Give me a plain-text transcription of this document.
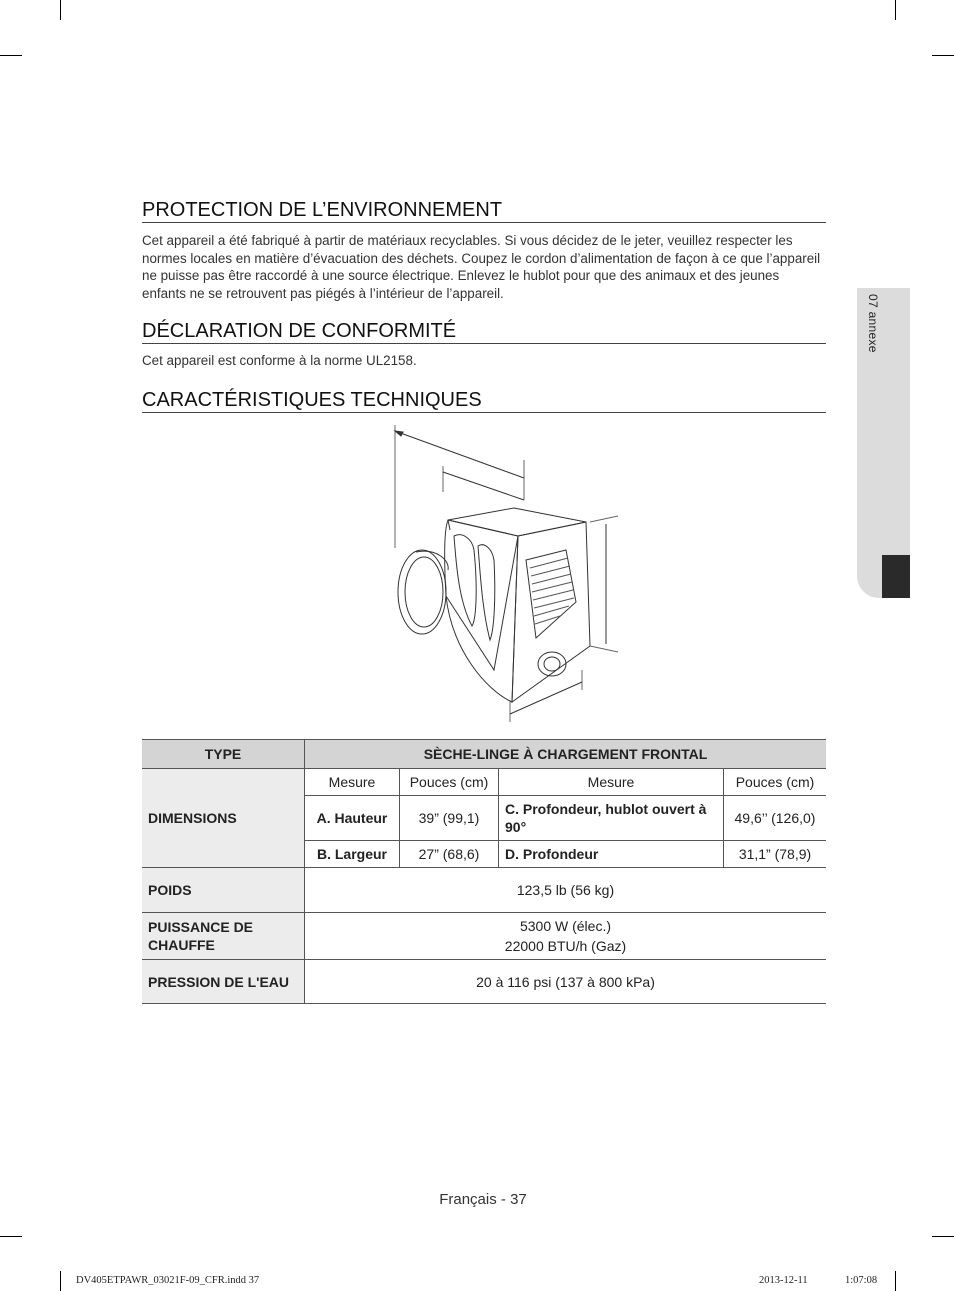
PROTECTION DE L’ENVIRONNEMENT

Cet appareil a été fabriqué à partir de matériaux recyclables. Si vous décidez de le jeter, veuillez respecter les normes locales en matière d’évacuation des déchets. Coupez le cordon d’alimentation de façon à ce que l’appareil ne puisse pas être raccordé à une source électrique. Enlevez le hublot pour que des animaux et des jeunes enfants ne se retrouvent pas piégés à l’intérieur de l’appareil.

DÉCLARATION DE CONFORMITÉ

Cet appareil est conforme à la norme UL2158.

CARACTÉRISTIQUES TECHNIQUES
07 annexe
TYPE	SÈCHE-LINGE À CHARGEMENT FRONTAL			
DIMENSIONS	Mesure	Pouces (cm)	Mesure	Pouces (cm)
	A. Hauteur	39” (99,1)	C. Profondeur, hublot ouvert à 90°	49,6’’ (126,0)
	B. Largeur	27” (68,6)	D. Profondeur	31,1” (78,9)
POIDS	123,5 lb (56 kg)			
PUISSANCE DE CHAUFFE	5300 W (élec.)
22000 BTU/h (Gaz)			

PRESSION DE L'EAU	20 à 116 psi (137 à 800 kPa)			
Français - 37
DV405ETPAWR_03021F-09_CFR.indd 37	2013-12-11	1:07:08
